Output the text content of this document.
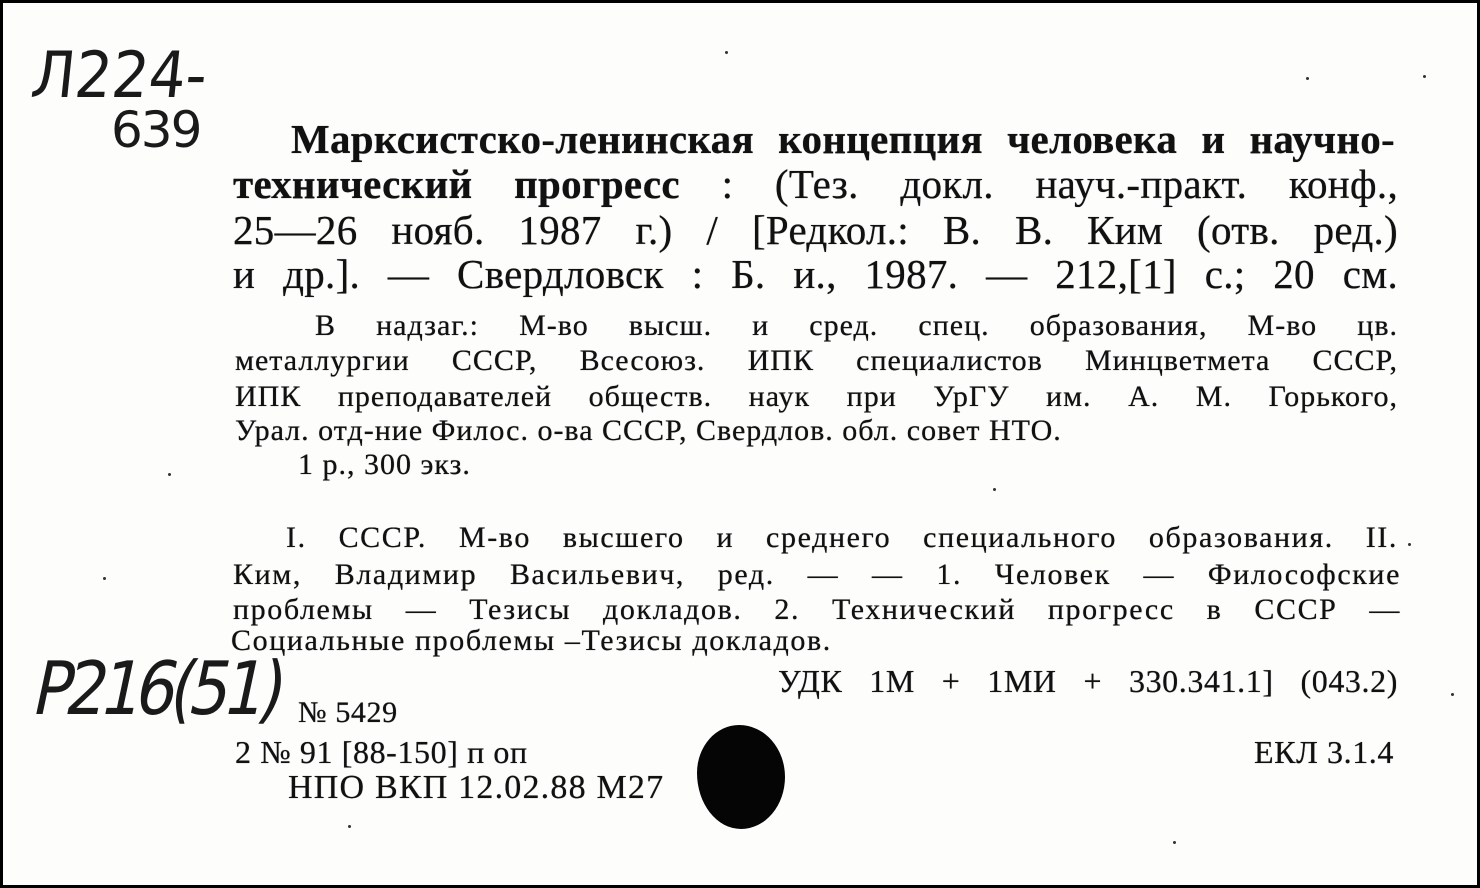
Л224-
639 Марксистско-ленинская концепция человека и научно-
технический прогресс : (Тез. докл. науч.-практ. конф.,
25—26 нояб. 1987 г.) / [Редкол.: В. В. Ким (отв. ред.)
и др.]. — Свердловск : Б. и., 1987. — 212,[1] с.; 20 см.
В надзаг.: М-во высш. и сред. спец. образования, М-во цв.
металлургии СССР, Всесоюз. ИПК специалистов Минцветмета СССР,
ИПК преподавателей обществ. наук при УрГУ им. А. М. Горького,
Урал. отд-ние Филос. о-ва СССР, Свердлов. обл. совет НТО.
1 р., 300 экз.
I. СССР. М-во высшего и среднего специального образования. II.
Ким, Владимир Васильевич, ред. — — 1. Человек — Философские
проблемы — Тезисы докладов. 2. Технический прогресс в СССР —
Социальные проблемы –Тезисы докладов.
УДК 1М + 1МИ + 330.341.1] (043.2)
Р216(51) № 5429
2 № 91 [88-150] п оп
НПО ВКП 12.02.88 М27
ЕКЛ 3.1.4
